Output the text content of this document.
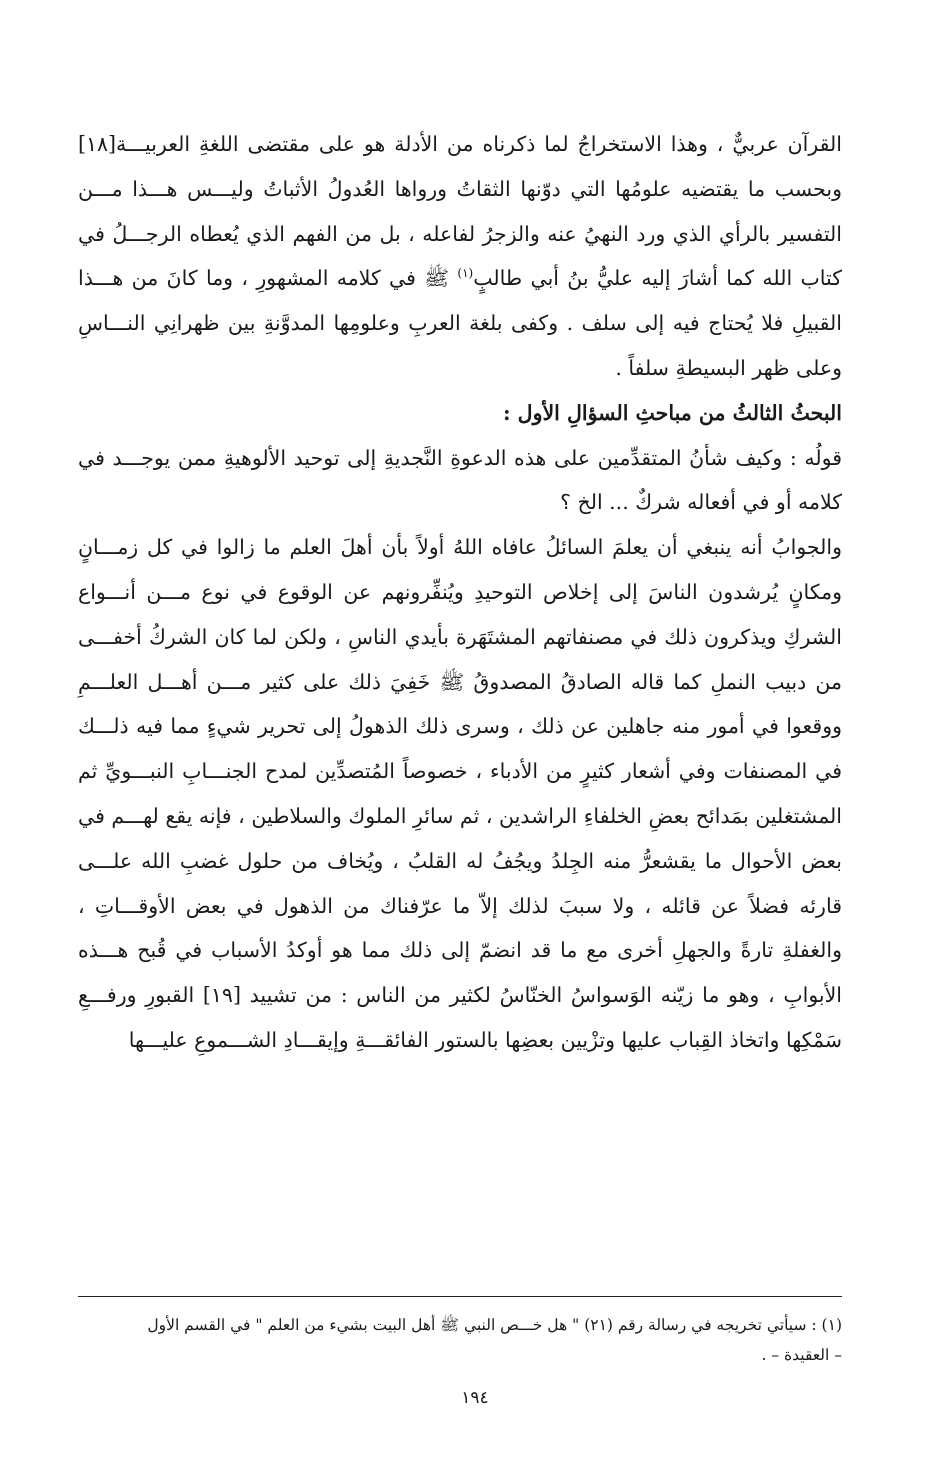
القرآن عربيٌّ ، وهذا الاستخراجُ لما ذكرناه من الأدلة هو على مقتضى اللغةِ العربيـــة[١٨] وبحسب ما يقتضيه علومُها التي دوّنها الثقاتُ ورواها العُدولُ الأثباتُ وليـــس هـــذا مـــن التفسير بالرأي الذي ورد النهيُ عنه والزجرُ لفاعله ، بل من الفهم الذي يُعطاه الرجـــلُ في كتاب الله كما أشارَ إليه عليُّ بنُ أبي طالبٍ$^{(١)}$ ﷺ في كلامه المشهورِ ، وما كانَ من هـــذا القبيلِ فلا يُحتاج فيه إلى سلف . وكفى بلغة العربِ وعلومِها المدوَّنةِ بين ظهرانِي النـــاسِ وعلى ظهر البسيطةِ سلفاً .

البحثُ الثالثُ من مباحثِ السؤالِ الأول :

قولُه : وكيف شأنُ المتقدِّمين على هذه الدعوةِ النَّجديةِ إلى توحيد الألوهيةِ ممن يوجـــد في كلامه أو في أفعاله شركٌ ... الخ ؟

والجوابُ أنه ينبغي أن يعلمَ السائلُ عافاه اللهُ أولاً بأن أهلَ العلم ما زالوا في كل زمـــانٍ ومكانٍ يُرشدون الناسَ إلى إخلاص التوحيدِ ويُنفِّرونهم عن الوقوع في نوع مـــن أنـــواع الشركِ ويذكرون ذلك في مصنفاتهم المشتَهَرة بأيدي الناسِ ، ولكن لما كان الشركُ أخفـــى من دبيب النملِ كما قاله الصادقُ المصدوقُ ﷺ خَفِيَ ذلك على كثير مـــن أهـــل العلـــمِ ووقعوا في أمور منه جاهلين عن ذلك ، وسرى ذلك الذهولُ إلى تحرير شيءٍ مما فيه ذلـــك في المصنفات وفي أشعار كثيرٍ من الأدباء ، خصوصاً المُتصدِّين لمدح الجنـــابِ النبـــويِّ ثم المشتغلين بمَدائح بعضِ الخلفاءِ الراشدين ، ثم سائرِ الملوك والسلاطين ، فإنه يقع لهـــم في بعض الأحوال ما يقشعرُّ منه الجِلدُ ويجُفُ له القلبُ ، ويُخاف من حلول غضبِ الله علـــى قارئه فضلاً عن قائله ، ولا سببَ لذلك إلاّ ما عرّفناك من الذهول في بعض الأوقـــاتِ ، والغفلةِ تارةً والجهلِ أخرى مع ما قد انضمّ إلى ذلك مما هو أوكدُ الأسباب في قُبح هـــذه الأبوابِ ، وهو ما زيّنه الوَسواسُ الخنّاسُ لكثير من الناس : من تشييد [١٩] القبورِ ورفـــعِ سَمْكِها واتخاذ القِباب عليها وتزْيين بعضِها بالستور الفائقـــةِ وإيقـــادِ الشـــموعِ عليـــها

(١) : سيأتي تخريجه في رسالة رقم (٢١) " هل خـــص النبي ﷺ أهل البيت بشيء من العلم " في القسم الأول

– العقيدة – .

١٩٤
